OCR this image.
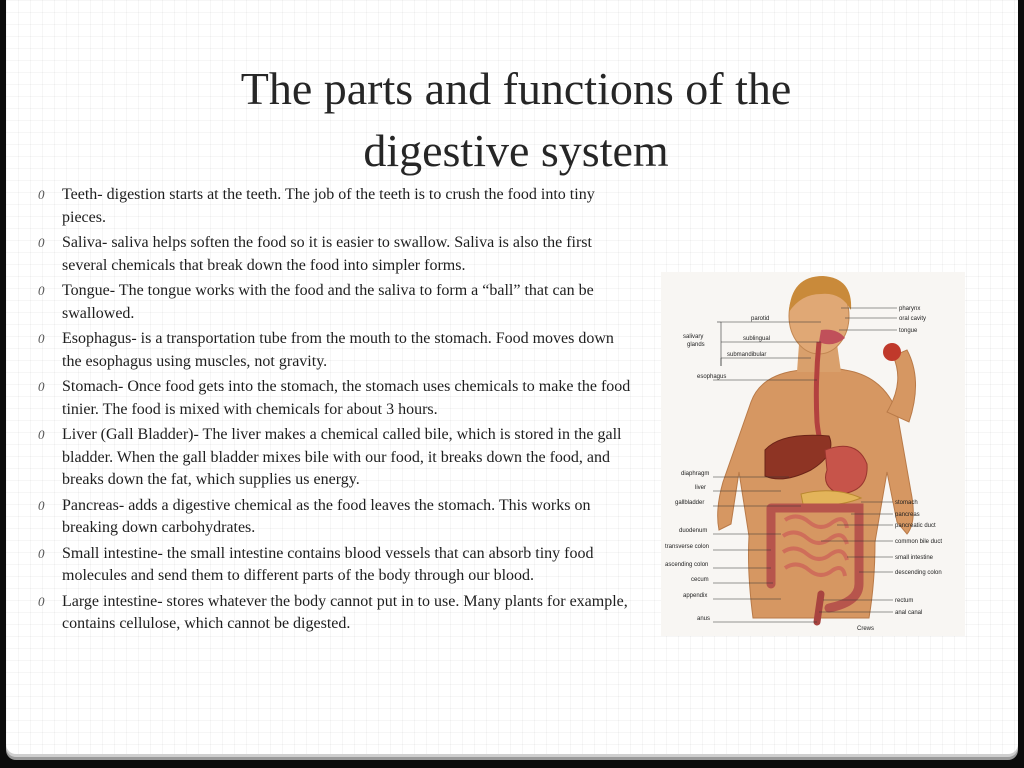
The parts and functions of the
digestive system
0 Teeth- digestion starts at the teeth. The job of the teeth is to crush the food into tiny pieces.
0 Saliva- saliva helps soften the food so it is easier to swallow. Saliva is also the first several chemicals that break down the food into simpler forms.
0 Tongue- The tongue works with the food and the saliva to form a “ball” that can be swallowed.
0 Esophagus- is a transportation tube from the mouth to the stomach. Food moves down the esophagus using muscles, not gravity.
0 Stomach- Once food gets into the stomach, the stomach uses chemicals to make the food tinier. The food is mixed with chemicals for about 3 hours.
0 Liver (Gall Bladder)- The liver makes a chemical called bile, which is stored in the gall bladder. When the gall bladder mixes bile with our food, it breaks down the food, and breaks down the fat, which supplies us energy.
0 Pancreas- adds a digestive chemical as the food leaves the stomach. This works on breaking down carbohydrates.
0 Small intestine- the small intestine contains blood vessels that can absorb tiny food molecules and send them to different parts of the body through our blood.
0 Large intestine- stores whatever the body cannot put in to use. Many plants for example, contains cellulose, which cannot be digested.
salivary
glands
parotid
sublingual
submandibular
esophagus
diaphragm
liver
gallbladder
duodenum
transverse colon
ascending colon
cecum
appendix
anus
pharynx
oral cavity
tongue
stomach
pancreas
pancreatic duct
common bile duct
small intestine
descending colon
rectum
anal canal
Crews
